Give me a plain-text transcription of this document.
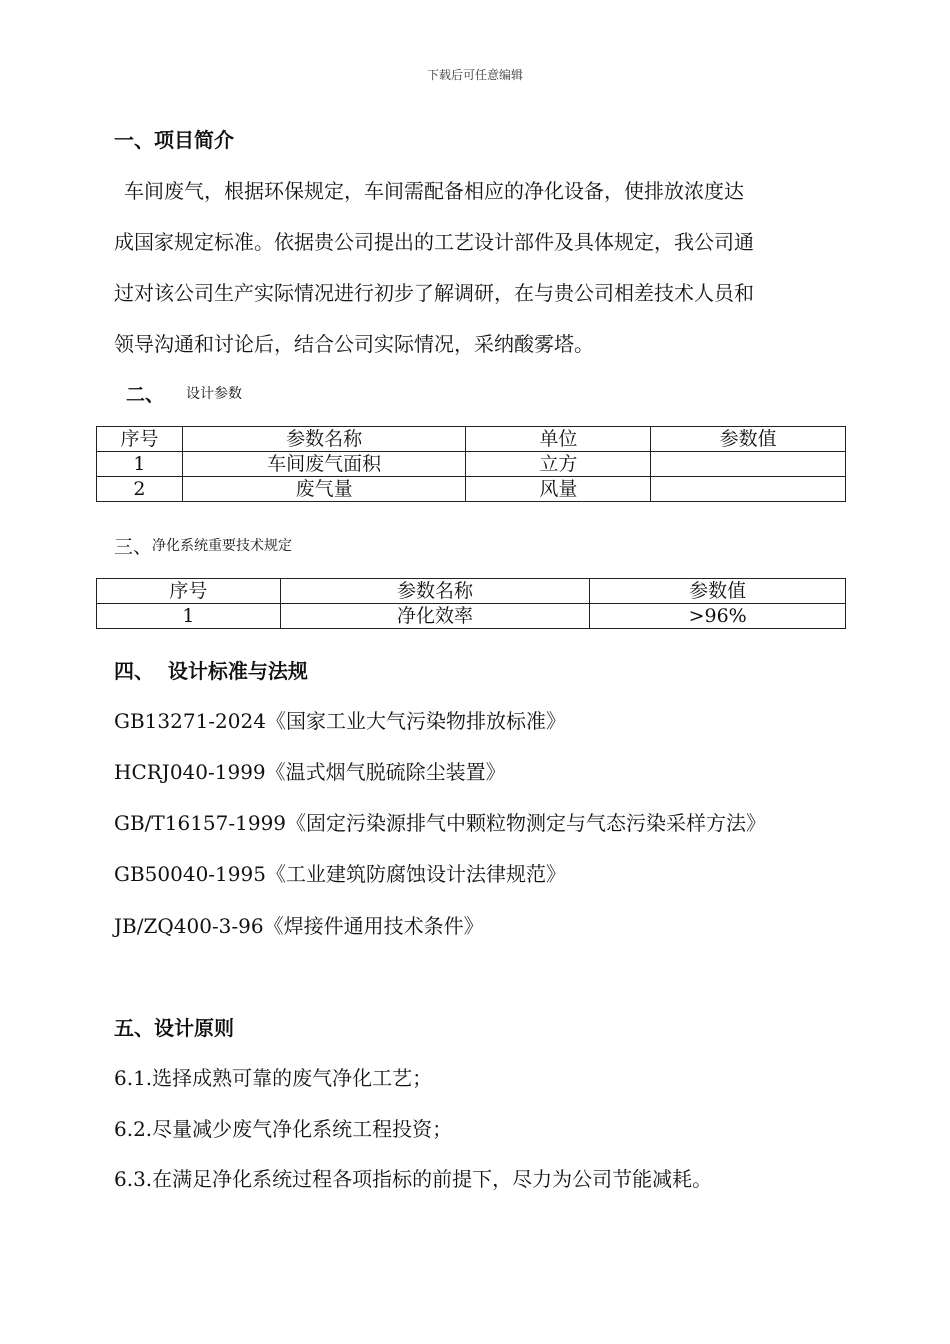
下载后可任意编辑
一、项目简介
车间废气，根据环保规定，车间需配备相应的净化设备，使排放浓度达
成国家规定标准。依据贵公司提出的工艺设计部件及具体规定，我公司通
过对该公司生产实际情况进行初步了解调研，在与贵公司相差技术人员和
领导沟通和讨论后，结合公司实际情况，采纳酸雾塔。
二、 设计参数
序号	参数名称	单位	参数值
1	车间废气面积	立方	
2	废气量	风量	
三、 净化系统重要技术规定
序号	参数名称	参数值
1	净化效率	>96%
四、  设计标准与法规
GB13271-2024《国家工业大气污染物排放标准》
HCRJ040-1999《温式烟气脱硫除尘装置》
GB/T16157-1999《固定污染源排气中颗粒物测定与气态污染采样方法》
GB50040-1995《工业建筑防腐蚀设计法律规范》
JB/ZQ400-3-96《焊接件通用技术条件》
五、设计原则
6.1.选择成熟可靠的废气净化工艺；
6.2.尽量减少废气净化系统工程投资；
6.3.在满足净化系统过程各项指标的前提下，尽力为公司节能减耗。
